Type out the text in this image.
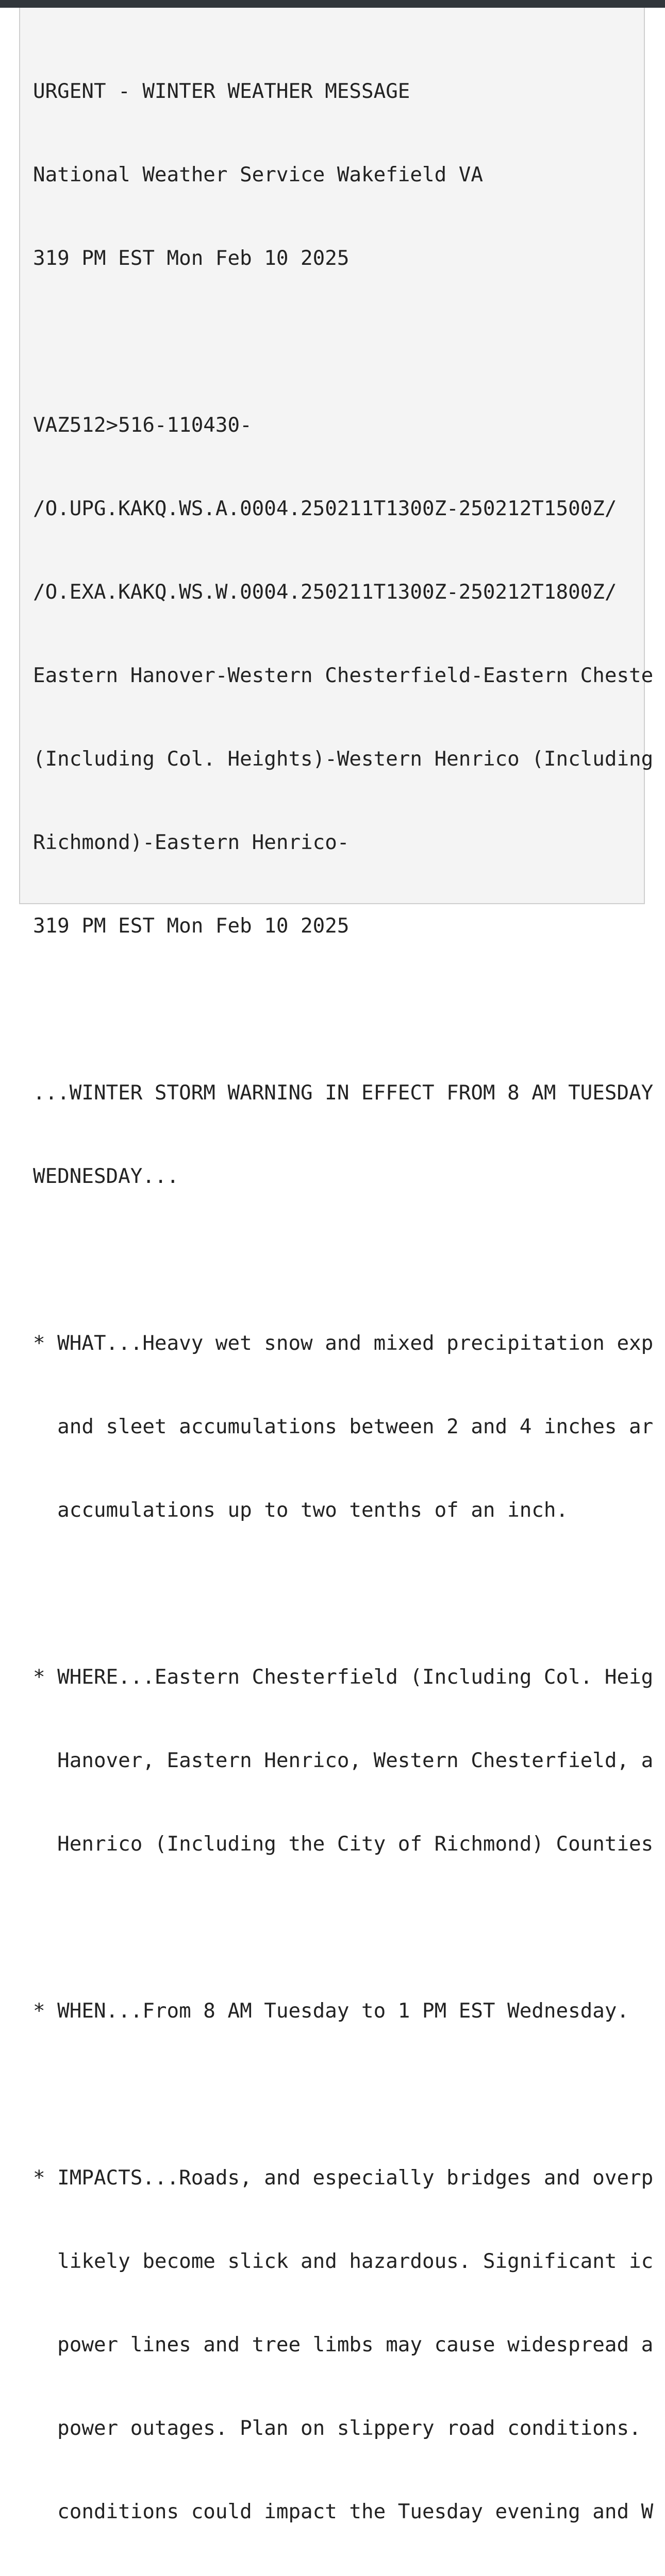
URGENT - WINTER WEATHER MESSAGE

National Weather Service Wakefield VA

319 PM EST Mon Feb 10 2025

VAZ512>516-110430-

/O.UPG.KAKQ.WS.A.0004.250211T1300Z-250212T1500Z/

/O.EXA.KAKQ.WS.W.0004.250211T1300Z-250212T1800Z/

Eastern Hanover-Western Chesterfield-Eastern Cheste

(Including Col. Heights)-Western Henrico (Including

Richmond)-Eastern Henrico-

319 PM EST Mon Feb 10 2025

...WINTER STORM WARNING IN EFFECT FROM 8 AM TUESDAY

WEDNESDAY...

* WHAT...Heavy wet snow and mixed precipitation exp

and sleet accumulations between 2 and 4 inches ar

accumulations up to two tenths of an inch.

* WHERE...Eastern Chesterfield (Including Col. Heig

Hanover, Eastern Henrico, Western Chesterfield, a

Henrico (Including the City of Richmond) Counties

* WHEN...From 8 AM Tuesday to 1 PM EST Wednesday.

* IMPACTS...Roads, and especially bridges and overp

likely become slick and hazardous. Significant ic

power lines and tree limbs may cause widespread a

power outages. Plan on slippery road conditions.

conditions could impact the Tuesday evening and W
